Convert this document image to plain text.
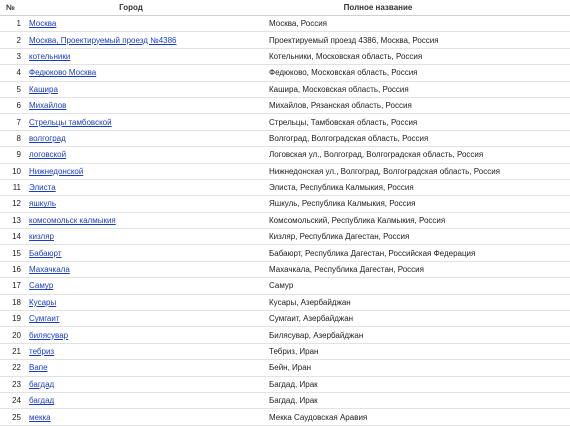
№	Город	Полное название
1	Москва	Москва, Россия
2	Москва, Проектируемый проезд №4386	Проектируемый проезд 4386, Москва, Россия
3	котельники	Котельники, Московская область, Россия
4	Федюково Москва	Федюково, Московская область, Россия
5	Кашира	Кашира, Московская область, Россия
6	Михайлов	Михайлов, Рязанская область, Россия
7	Стрельцы тамбовской	Стрельцы, Тамбовская область, Россия
8	волгоград	Волгоград, Волгоградская область, Россия
9	логовской	Логовская ул., Волгоград, Волгоградская область, Россия
10	Нижнедонской	Нижнедонская ул., Волгоград, Волгоградская область, Россия
11	Элиста	Элиста, Республика Калмыкия, Россия
12	яшкуль	Яшкуль, Республика Калмыкия, Россия
13	комсомольск калмыкия	Комсомольский, Республика Калмыкия, Россия
14	кизляр	Кизляр, Республика Дагестан, Россия
15	Бабаюрт	Бабаюрт, Республика Дагестан, Российская Федерация
16	Махачкала	Махачкала, Республика Дагестан, Россия
17	Самур	Самур
18	Кусары	Кусары, Азербайджан
19	Сумгаит	Сумгаит, Азербайджан
20	билясувар	Билясувар, Азербайджан
21	тебриз	Тебриз, Иран
22	Вапе	Бейн, Иран
23	багдад	Багдад, Ирак
24	багдад	Багдад, Ирак
25	мекка	Мекка Саудовская Аравия
